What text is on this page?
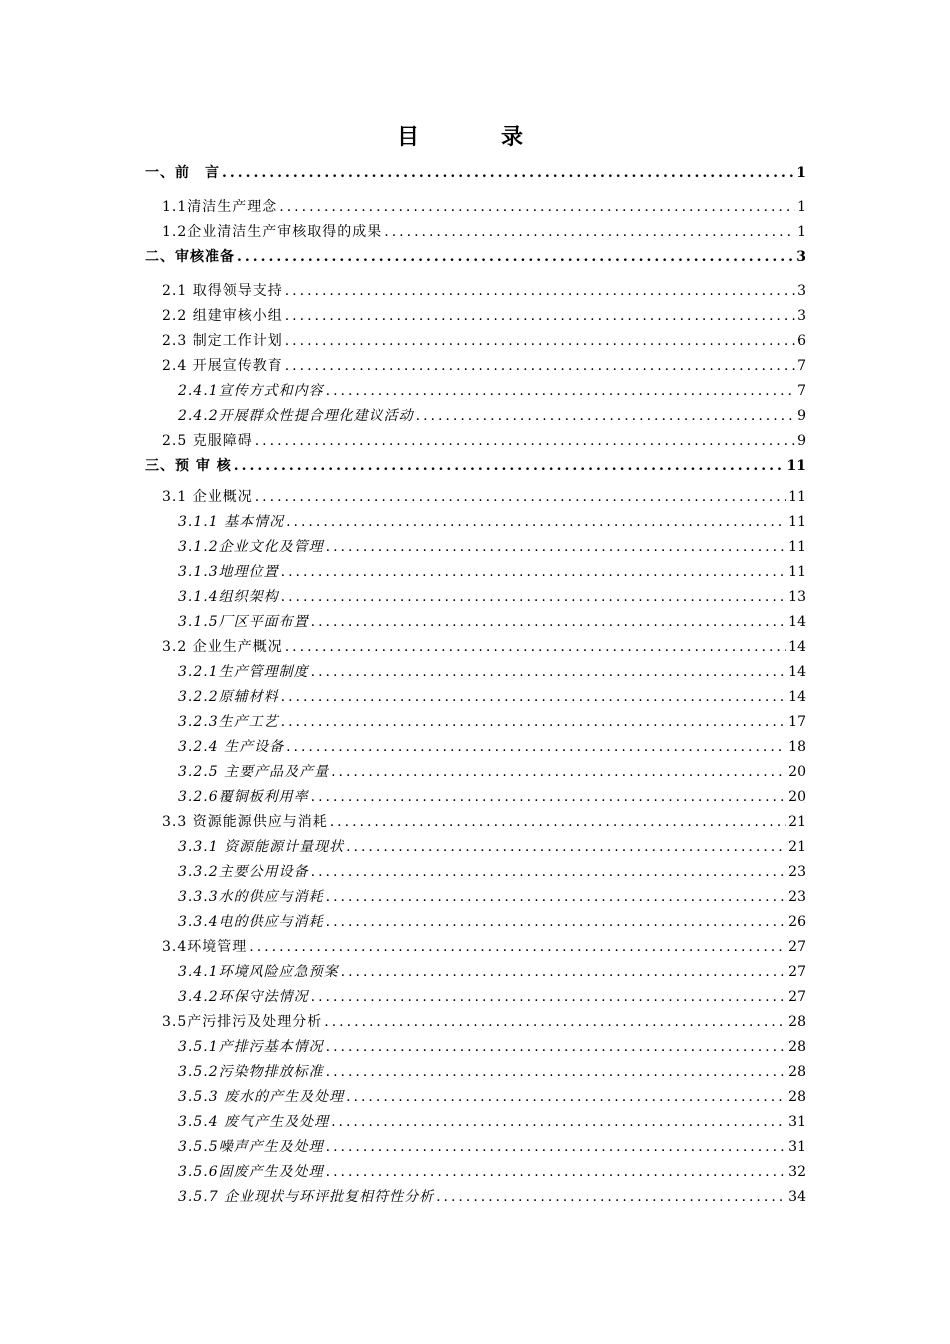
目　录
一、前　言 .....	1
1.1清洁生产理念 .....	1
1.2企业清洁生产审核取得的成果 .....	1
二、审核准备 .....	3
2.1 取得领导支持 .....	3
2.2 组建审核小组 .....	3
2.3 制定工作计划 .....	6
2.4 开展宣传教育 .....	7
2.4.1宣传方式和内容 .....	7
2.4.2开展群众性提合理化建议活动 .....	9
2.5 克服障碍 .....	9
三、预 审 核 .....	11
3.1 企业概况 .....	11
3.1.1 基本情况 .....	11
3.1.2企业文化及管理 .....	11
3.1.3地理位置 .....	11
3.1.4组织架构 .....	13
3.1.5厂区平面布置 .....	14
3.2 企业生产概况 .....	14
3.2.1生产管理制度 .....	14
3.2.2原辅材料 .....	14
3.2.3生产工艺 .....	17
3.2.4 生产设备 .....	18
3.2.5 主要产品及产量 .....	20
3.2.6覆铜板利用率 .....	20
3.3 资源能源供应与消耗 .....	21
3.3.1 资源能源计量现状 .....	21
3.3.2主要公用设备 .....	23
3.3.3水的供应与消耗 .....	23
3.3.4电的供应与消耗 .....	26
3.4环境管理 .....	27
3.4.1环境风险应急预案 .....	27
3.4.2环保守法情况 .....	27
3.5产污排污及处理分析 .....	28
3.5.1产排污基本情况 .....	28
3.5.2污染物排放标准 .....	28
3.5.3 废水的产生及处理 .....	28
3.5.4 废气产生及处理 .....	31
3.5.5噪声产生及处理 .....	31
3.5.6固废产生及处理 .....	32
3.5.7 企业现状与环评批复相符性分析 .....	34
